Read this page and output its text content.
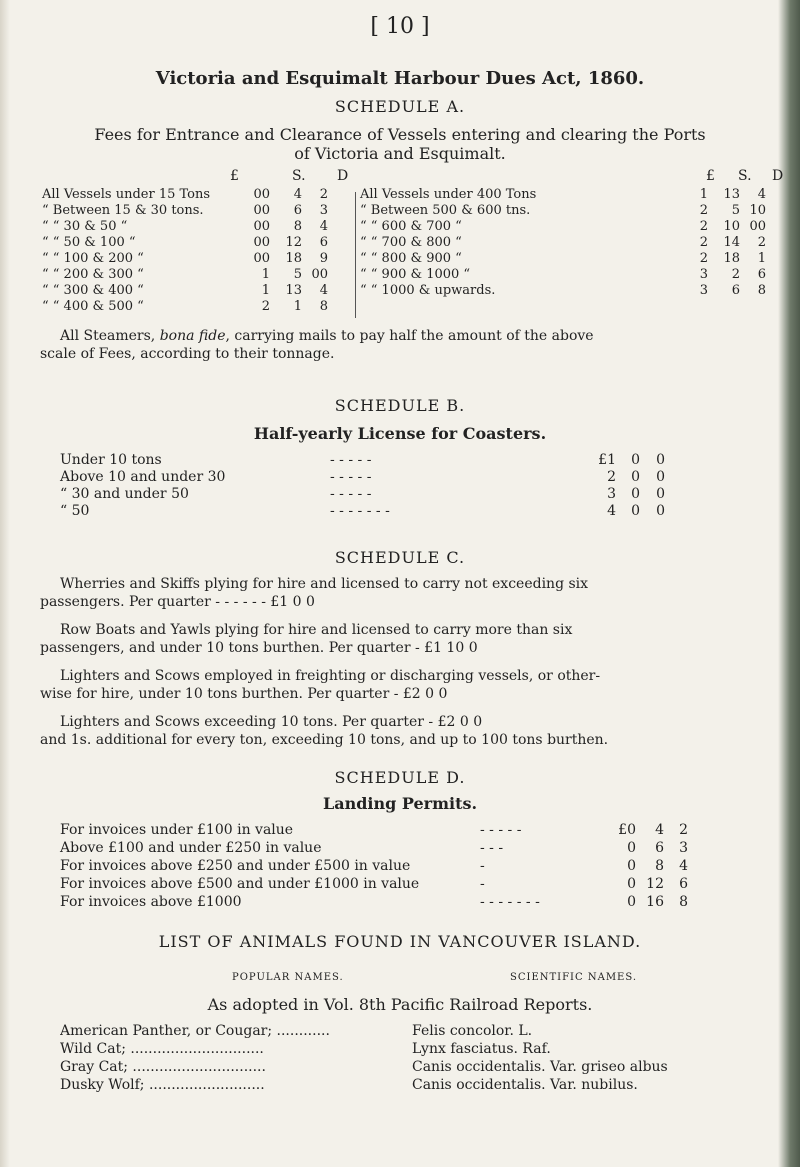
[ 10 ]
Victoria and Esquimalt Harbour Dues Act, 1860.
SCHEDULE A.
Fees for Entrance and Clearance of Vessels entering and clearing the Ports
of Victoria and Esquimalt.
£	S. D	£ S. D
All Vessels under 15 Tons	00	4	2
“ Between 15 & 30 tons.	00	6	3
“ “ 30 & 50 “	00	8	4
“ “ 50 & 100 “	00	12	6
“ “ 100 & 200 “	00	18	9
“ “ 200 & 300 “	1	5	00
“ “ 300 & 400 “	1	13	4
“ “ 400 & 500 “	2	1	8
All Vessels under 400 Tons	1	13	4
“ Between 500 & 600 tns.	2	5	10
“ “ 600 & 700 “	2	10	00
“ “ 700 & 800 “	2	14	2
“ “ 800 & 900 “	2	18	1
“ “ 900 & 1000 “	3	2	6
“ “ 1000 & upwards.	3	6	8
All Steamers, bona fide, carrying mails to pay half the amount of the above
scale of Fees, according to their tonnage.
SCHEDULE B.
Half-yearly License for Coasters.
Under 10 tons	- - - - -	£1	0	0
Above 10 and under 30	- - - - -	2	0	0
“ 30 and under 50	- - - - -	3	0	0
“ 50	- - - - - - -	4	0	0
SCHEDULE C.
Wherries and Skiffs plying for hire and licensed to carry not exceeding six
passengers. Per quarter - - - - - - £1 0 0
Row Boats and Yawls plying for hire and licensed to carry more than six
passengers, and under 10 tons burthen. Per quarter - £1 10 0
Lighters and Scows employed in freighting or discharging vessels, or other-
wise for hire, under 10 tons burthen. Per quarter - £2 0 0
Lighters and Scows exceeding 10 tons. Per quarter - £2 0 0
and 1s. additional for every ton, exceeding 10 tons, and up to 100 tons burthen.
SCHEDULE D.
Landing Permits.
For invoices under £100 in value	- - - - -	£0	4	2
Above £100 and under £250 in value	- - -	0	6	3
For invoices above £250 and under £500 in value	-	0	8	4
For invoices above £500 and under £1000 in value	-	0 12	6
For invoices above £1000	- - - - - - -	0 16	8
LIST OF ANIMALS FOUND IN VANCOUVER ISLAND.
POPULAR NAMES.	SCIENTIFIC NAMES.
As adopted in Vol. 8th Pacific Railroad Reports.
American Panther, or Cougar; ............	Felis concolor. L.
Wild Cat; ..............................	Lynx fasciatus. Raf.
Gray Cat; ..............................	Canis occidentalis. Var. griseo albus
Dusky Wolf; ..........................	Canis occidentalis. Var. nubilus.
